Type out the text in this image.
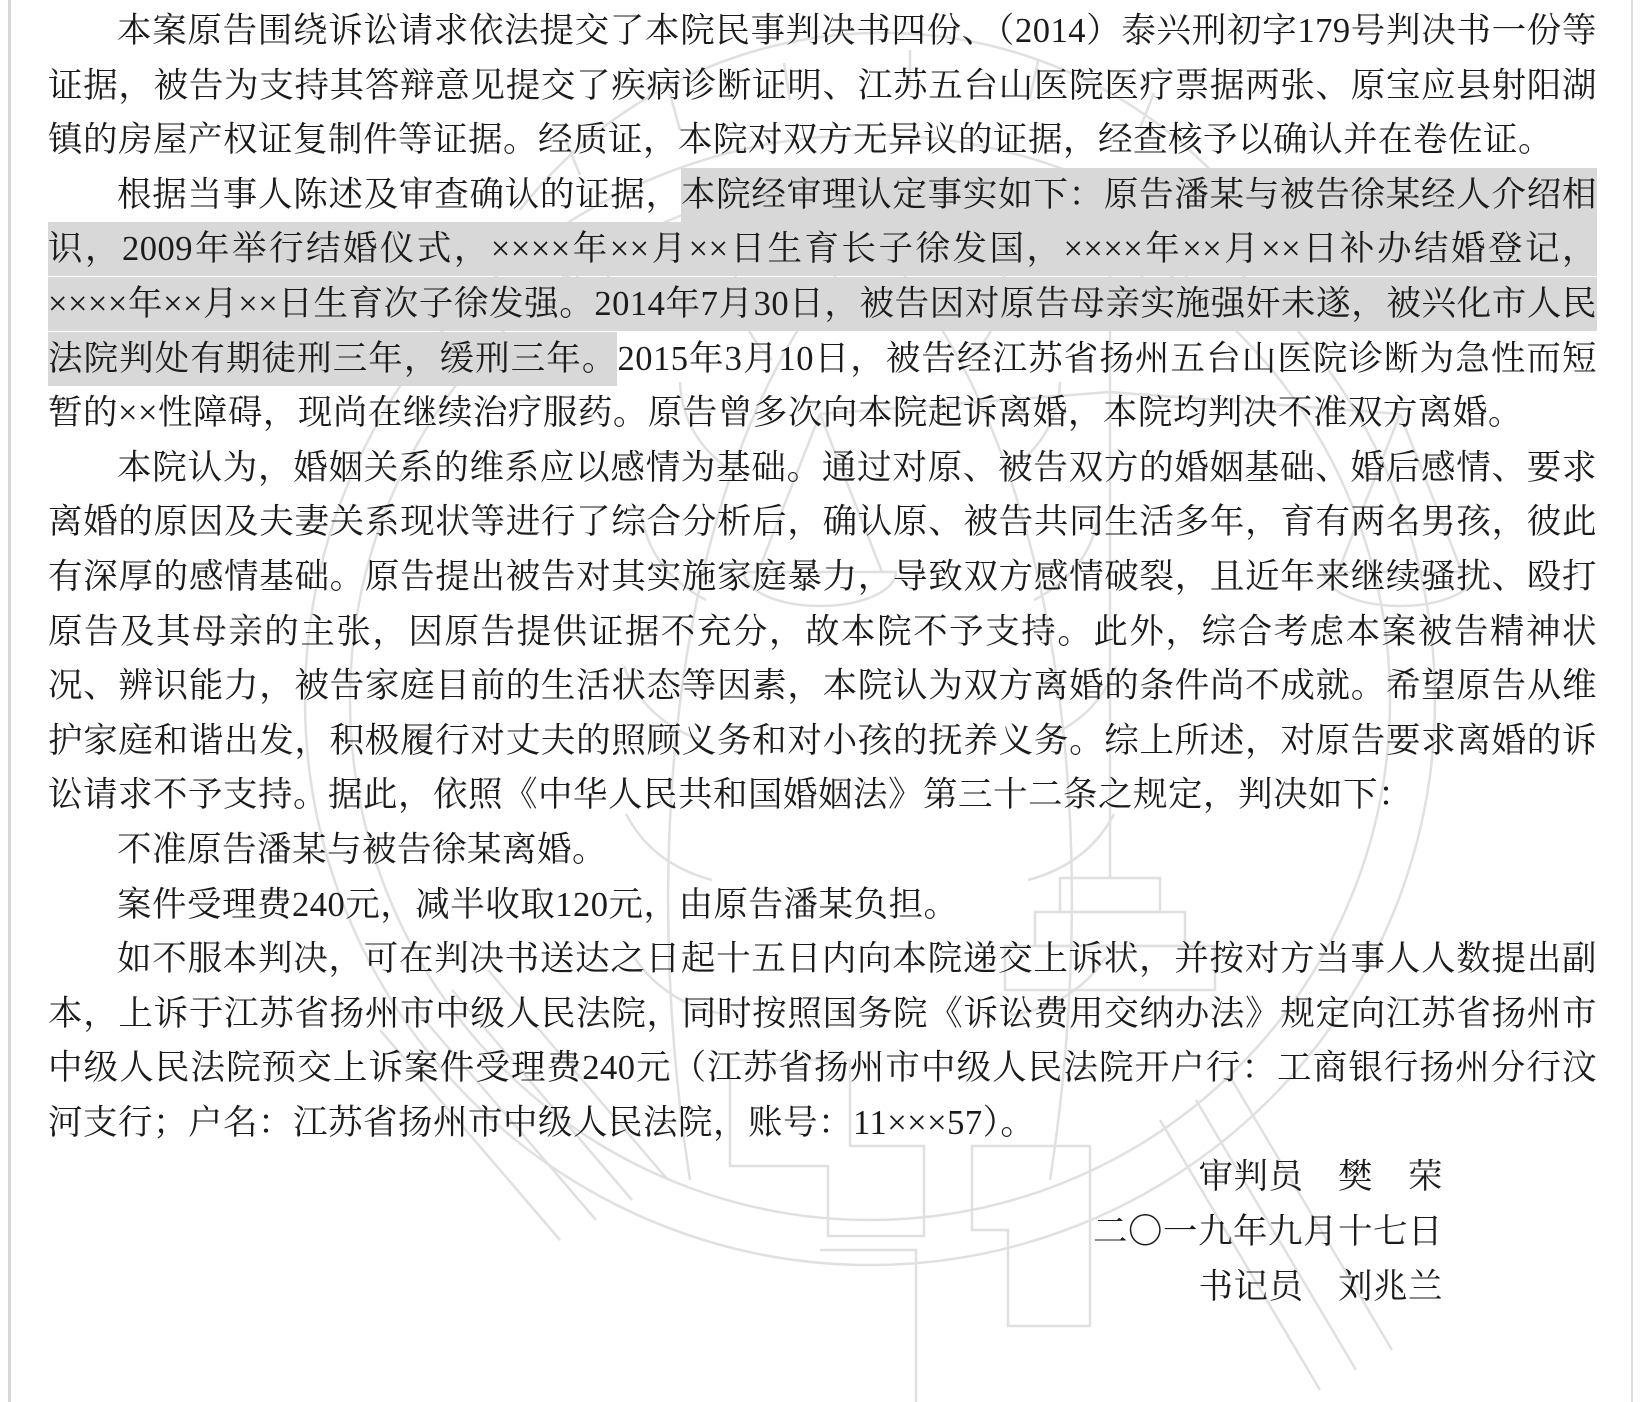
本案原告围绕诉讼请求依法提交了本院民事判决书四份、（2014）泰兴刑初字179号判决书一份等证据，被告为支持其答辩意见提交了疾病诊断证明、江苏五台山医院医疗票据两张、原宝应县射阳湖镇的房屋产权证复制件等证据。经质证，本院对双方无异议的证据，经查核予以确认并在卷佐证。

根据当事人陈述及审查确认的证据，本院经审理认定事实如下：原告潘某与被告徐某经人介绍相识，2009年举行结婚仪式，××××年××月××日生育长子徐发国，××××年××月××日补办结婚登记，××××年××月××日生育次子徐发强。2014年7月30日，被告因对原告母亲实施强奸未遂，被兴化市人民法院判处有期徒刑三年，缓刑三年。2015年3月10日，被告经江苏省扬州五台山医院诊断为急性而短暂的××性障碍，现尚在继续治疗服药。原告曾多次向本院起诉离婚，本院均判决不准双方离婚。

本院认为，婚姻关系的维系应以感情为基础。通过对原、被告双方的婚姻基础、婚后感情、要求离婚的原因及夫妻关系现状等进行了综合分析后，确认原、被告共同生活多年，育有两名男孩，彼此有深厚的感情基础。原告提出被告对其实施家庭暴力，导致双方感情破裂，且近年来继续骚扰、殴打原告及其母亲的主张，因原告提供证据不充分，故本院不予支持。此外，综合考虑本案被告精神状况、辨识能力，被告家庭目前的生活状态等因素，本院认为双方离婚的条件尚不成就。希望原告从维护家庭和谐出发，积极履行对丈夫的照顾义务和对小孩的抚养义务。综上所述，对原告要求离婚的诉讼请求不予支持。据此，依照《中华人民共和国婚姻法》第三十二条之规定，判决如下：

不准原告潘某与被告徐某离婚。

案件受理费240元，减半收取120元，由原告潘某负担。

如不服本判决，可在判决书送达之日起十五日内向本院递交上诉状，并按对方当事人人数提出副本，上诉于江苏省扬州市中级人民法院，同时按照国务院《诉讼费用交纳办法》规定向江苏省扬州市中级人民法院预交上诉案件受理费240元（江苏省扬州市中级人民法院开户行：工商银行扬州分行汶河支行；户名：江苏省扬州市中级人民法院，账号：11×××57）。

审判员 樊　荣
二〇一九年九月十七日
书记员 刘兆兰
